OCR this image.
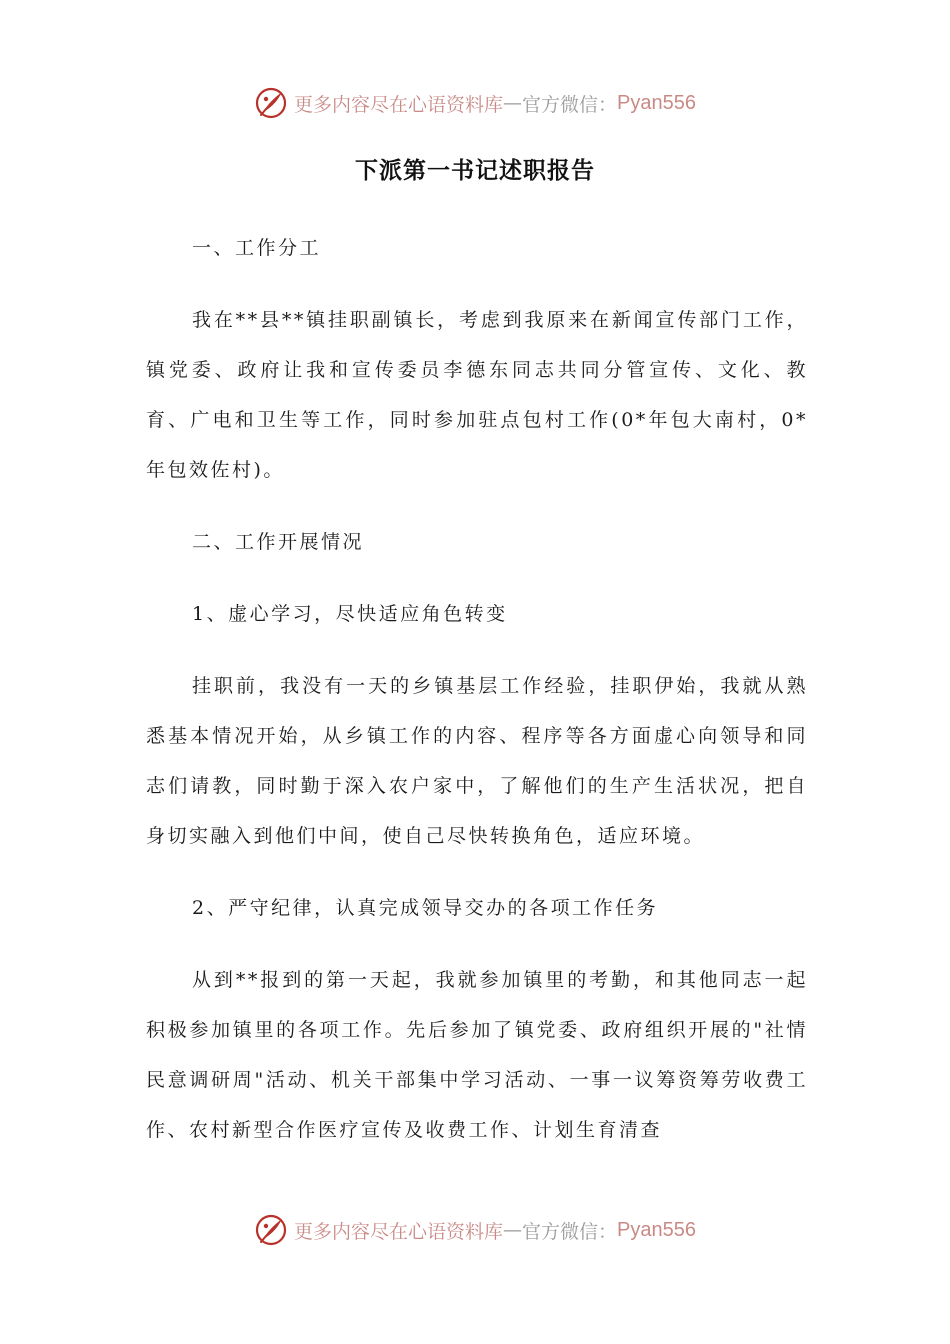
更多内容尽在心语资料库 — 官方微信： Pyan556
下派第一书记述职报告
一、工作分工
我在**县**镇挂职副镇长，考虑到我原来在新闻宣传部门工作，镇党委、政府让我和宣传委员李德东同志共同分管宣传、文化、教育、广电和卫生等工作，同时参加驻点包村工作(0*年包大南村，0*年包效佐村)。
二、工作开展情况
1、虚心学习，尽快适应角色转变
挂职前，我没有一天的乡镇基层工作经验，挂职伊始，我就从熟悉基本情况开始，从乡镇工作的内容、程序等各方面虚心向领导和同志们请教，同时勤于深入农户家中，了解他们的生产生活状况，把自身切实融入到他们中间，使自己尽快转换角色，适应环境。
2、严守纪律，认真完成领导交办的各项工作任务
从到**报到的第一天起，我就参加镇里的考勤，和其他同志一起积极参加镇里的各项工作。先后参加了镇党委、政府组织开展的"社情民意调研周"活动、机关干部集中学习活动、一事一议筹资筹劳收费工作、农村新型合作医疗宣传及收费工作、计划生育清查
更多内容尽在心语资料库 — 官方微信： Pyan556
